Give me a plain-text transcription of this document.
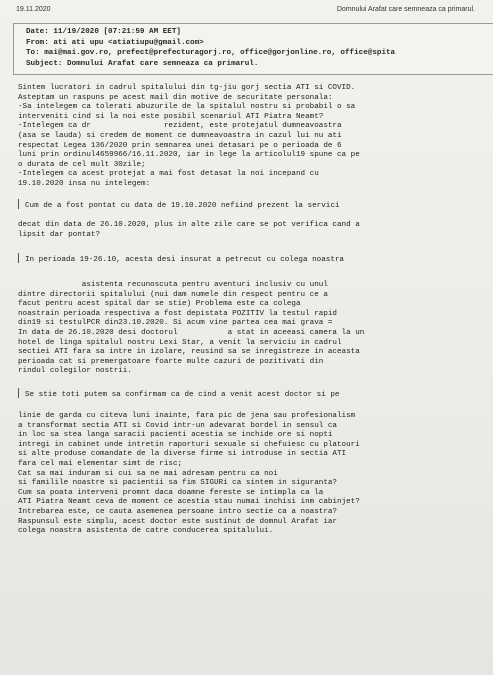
19.11.2020	Domnului Arafat care semneaza ca primarul.
Date: 11/19/2020 [07:21:59 AM EET]
From: ati ati upu <atiatiupu@gmail.com>
To: mai@mai.gov.ro, prefect@prefecturagorj.ro, office@gorjonline.ro, office@spita
Subject: Domnului Arafat care semneaza ca primarul.
Sintem lucratori in cadrul spitalului din tg-jiu gorj sectia ATI si COVID.
Asteptam un raspuns pe acest mail din motive de securitate personala:
-Sa intelegem ca tolerati abuzurile de la spitalul nostru si probabil o sa
interveniti cind si la noi este posibil scenariul ATI Piatra Neamt?
-Intelegem ca dr                rezident, este protejatul dumneavoastra
(asa se lauda) si credem de moment ce dumneavoastra in cazul lui nu ati
respectat Legea 136/2020 prin semnarea unei detasari pe o perioada de 6
luni prin ordinul4659966/16.11.2020, iar in lege la articolul19 spune ca pe
o durata de cel mult 30zile;
-Intelegem ca acest protejat a mai fost detasat la noi incepand cu
19.10.2020 insa nu intelegem:
Cum de a fost pontat cu data de 19.10.2020 nefiind prezent la servici
decat din data de 26.10.2020, plus in alte zile care se pot verifica cand a
lipsit dar pontat?
In perioada 19-26.10, acesta desi insurat a petrecut cu colega noastra
asistenta recunoscuta pentru aventuri inclusiv cu unul
dintre directorii spitalului (nui dam numele din respect pentru ce a
facut pentru acest spital dar se stie) Problema este ca colega
noastrain perioada respectiva a fost depistata POZITIV la testul rapid
din19 si testulPCR din23.10.2020. Si acum vine partea cea mai grava =
In data de 26.10.2020 desi doctorul           a stat in aceeasi camera la un
hotel de linga spitalul nostru Lexi Star, a venit la serviciu in cadrul
sectiei ATI fara sa intre in izolare, reusind sa se inregistreze in aceasta
perioada cat si premergatoare foarte multe cazuri de pozitivati din
rindul colegilor nostrii.
Se stie toti putem sa confirmam ca de cind a venit acest doctor si pe
linie de garda cu citeva luni inainte, fara pic de jena sau profesionalism
a transformat sectia ATI si Covid intr-un adevarat bordel in sensul ca
in loc sa stea langa saracii pacienti acestia se inchide ore si nopti
intregi in cabinet unde intretin raporturi sexuale si chefuiesc cu platouri
si alte produse comandate de la diverse firme si introduse in sectia ATI
fara cel mai elementar simt de risc;
Cat sa mai induram si cui sa ne mai adresam pentru ca noi
si familile noastre si pacientii sa fim SIGURi ca sintem in siguranta?
Cum sa poata interveni promnt daca doamne fereste se intimpla ca la
ATI Piatra Neamt ceva de moment ce acestia stau numai inchisi inm cabinjet?
Intrebarea este, ce cauta asemenea persoane intro sectie ca a noastra?
Raspunsul este simplu, acest doctor este sustinut de domnul Arafat iar
colega noastra asistenta de catre conducerea spitalului.
